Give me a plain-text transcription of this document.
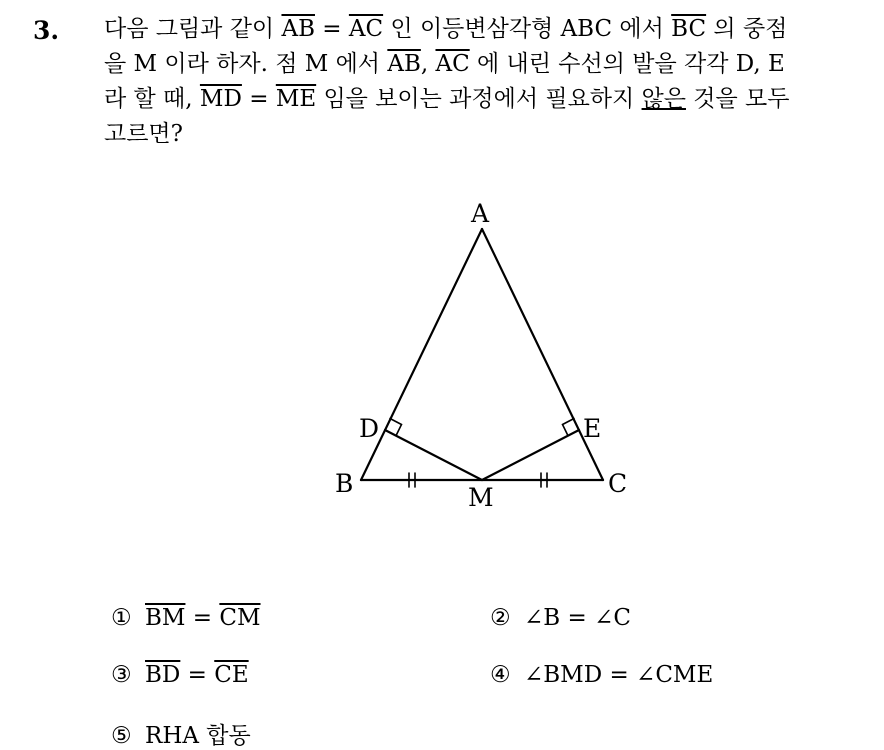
3. 다음 그림과 같이 $\overline{AB} = \overline{AC}$ 인 이등변삼각형 ABC 에서 $\overline{BC}$ 의 중점
을 M 이라 하자. 점 M 에서 $\overline{AB}$, $\overline{AC}$ 에 내린 수선의 발을 각각 D, E
라 할 때, $\overline{MD} = \overline{ME}$ 임을 보이는 과정에서 필요하지 않은 것을 모두
고르면?
A
B	C
D	E
M
① $\overline{BM} = \overline{CM}$	② ∠B = ∠C
③ $\overline{BD} = \overline{CE}$	④ ∠BMD = ∠CME
⑤ RHA 합동
